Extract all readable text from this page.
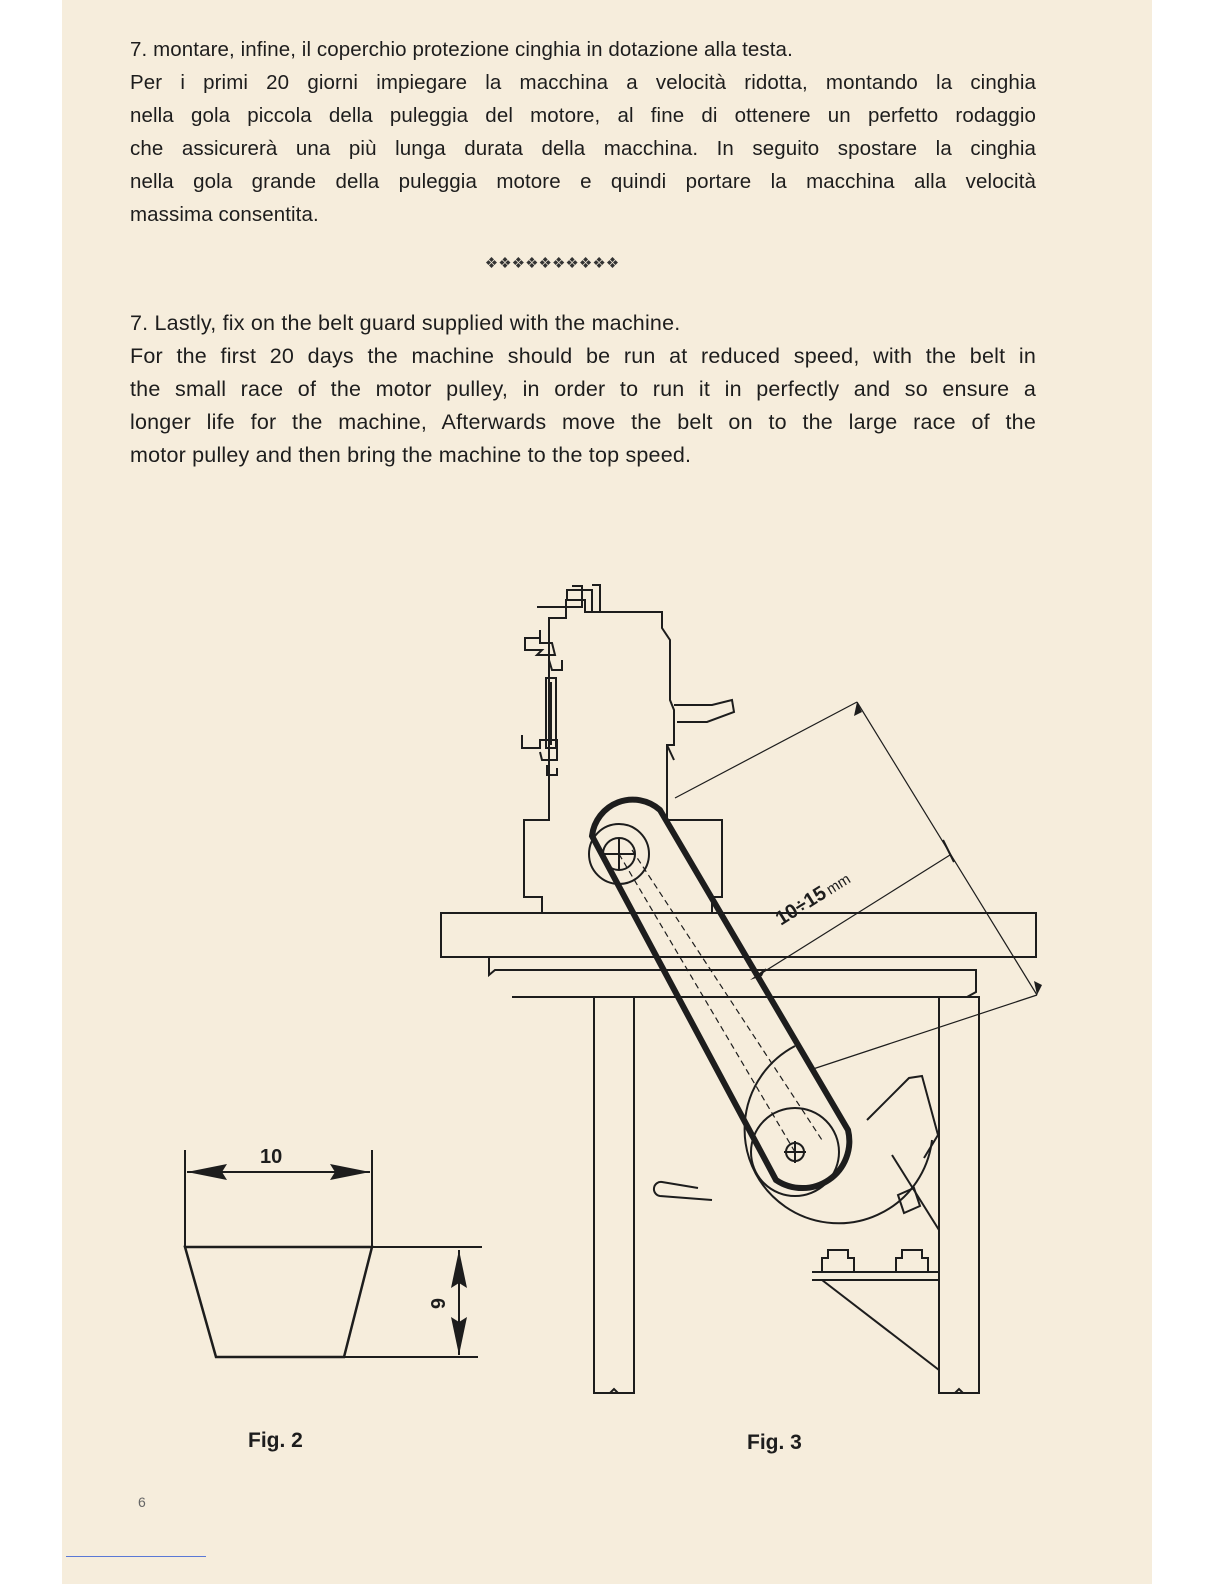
7. montare, infine, il coperchio protezione cinghia in dotazione alla testa.
Per i primi 20 giorni impiegare la macchina a velocità ridotta, montando la cinghia
nella gola piccola della puleggia del motore, al fine di ottenere un perfetto rodaggio
che assicurerà una più lunga durata della macchina. In seguito spostare la cinghia
nella gola grande della puleggia motore e quindi portare la macchina alla velocità
massima consentita.

❖❖❖❖❖❖❖❖❖❖

7. Lastly, fix on the belt guard supplied with the machine.
For the first 20 days the machine should be run at reduced speed, with the belt in
the small race of the motor pulley, in order to run it in perfectly and so ensure a
longer life for the machine, Afterwards move the belt on to the large race of the
motor pulley and then bring the machine to the top speed.

10
6
10÷15mm
Fig. 2	Fig. 3
6
